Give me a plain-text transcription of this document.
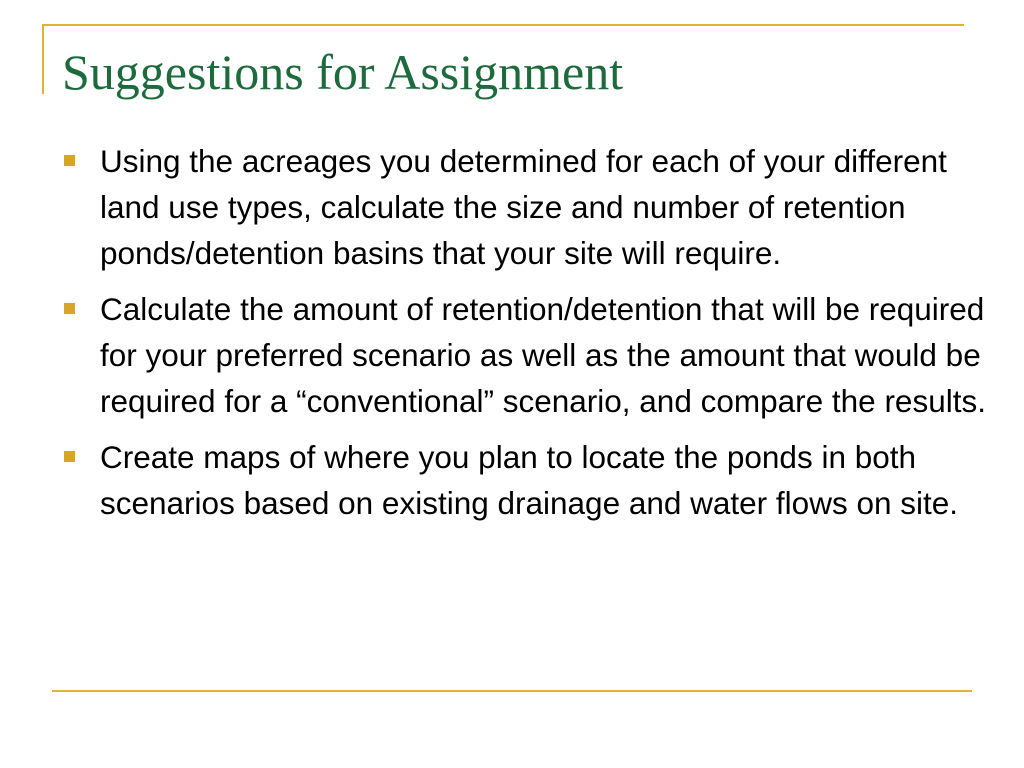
Suggestions for Assignment
Using the acreages you determined for each of your different land use types, calculate the size and number of retention ponds/detention basins that your site will require.
Calculate the amount of retention/detention that will be required for your preferred scenario as well as the amount that would be required for a “conventional” scenario, and compare the results.
Create maps of where you plan to locate the ponds in both scenarios based on existing drainage and water flows on site.
